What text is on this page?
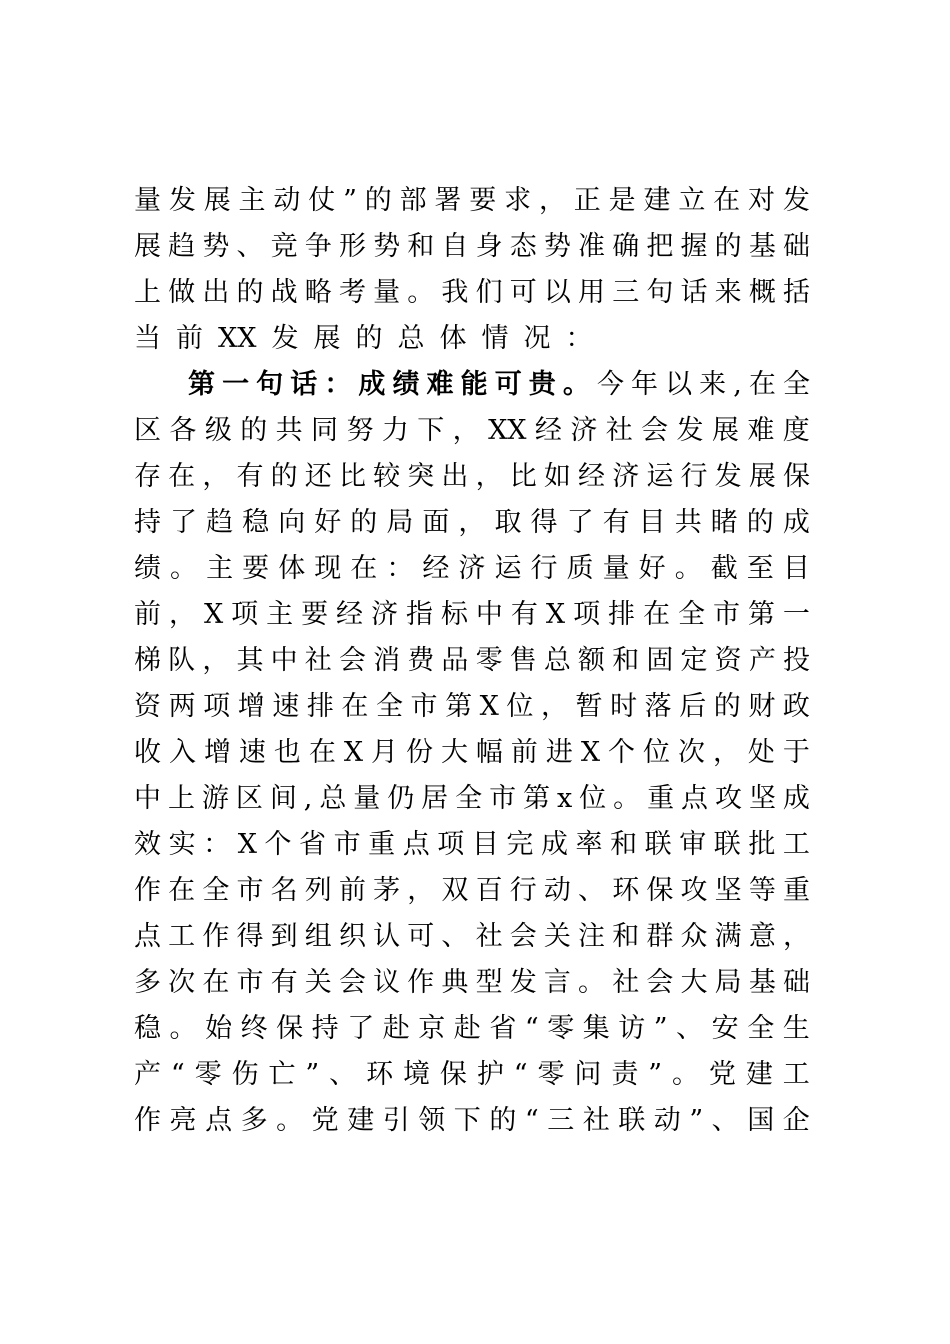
量 发 展 主 动 仗 ” 的 部 署 要 求 ， 正 是 建 立 在 对 发
展 趋 势 、 竞 争 形 势 和 自 身 态 势 准 确 把 握 的 基 础
上 做 出 的 战 略 考 量 。 我 们 可 以 用 三 句 话 来 概 括
当 前 XX 发 展 的 总 体 情 况 ：
第 一 句 话 ： 成 绩 难 能 可 贵 。 今 年 以 来 , 在 全
区 各 级 的 共 同 努 力 下 ， XX 经 济 社 会 发 展 难 度
存 在 ， 有 的 还 比 较 突 出 ， 比 如 经 济 运 行 发 展 保
持 了 趋 稳 向 好 的 局 面 ， 取 得 了 有 目 共 睹 的 成
绩 。 主 要 体 现 在 ： 经 济 运 行 质 量 好 。 截 至 目
前 ， X 项 主 要 经 济 指 标 中 有 X 项 排 在 全 市 第 一
梯 队 ， 其 中 社 会 消 费 品 零 售 总 额 和 固 定 资 产 投
资 两 项 增 速 排 在 全 市 第 X 位 ， 暂 时 落 后 的 财 政
收 入 增 速 也 在 X 月 份 大 幅 前 进 X 个 位 次 ， 处 于
中 上 游 区 间 , 总 量 仍 居 全 市 第 x 位 。 重 点 攻 坚 成
效 实 ： X 个 省 市 重 点 项 目 完 成 率 和 联 审 联 批 工
作 在 全 市 名 列 前 茅 ， 双 百 行 动 、 环 保 攻 坚 等 重
点 工 作 得 到 组 织 认 可 、 社 会 关 注 和 群 众 满 意 ，
多 次 在 市 有 关 会 议 作 典 型 发 言 。 社 会 大 局 基 础
稳 。 始 终 保 持 了 赴 京 赴 省 “ 零 集 访 ” 、 安 全 生
产 “ 零 伤 亡 ” 、 环 境 保 护 “ 零 问 责 ” 。 党 建 工
作 亮 点 多 。 党 建 引 领 下 的 “ 三 社 联 动 ” 、 国 企
